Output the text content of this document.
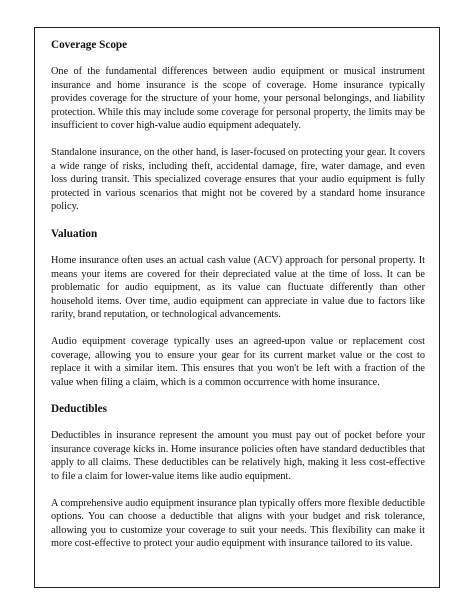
Coverage Scope

One of the fundamental differences between audio equipment or musical instrument insurance and home insurance is the scope of coverage. Home insurance typically provides coverage for the structure of your home, your personal belongings, and liability protection. While this may include some coverage for personal property, the limits may be insufficient to cover high-value audio equipment adequately.

Standalone insurance, on the other hand, is laser-focused on protecting your gear. It covers a wide range of risks, including theft, accidental damage, fire, water damage, and even loss during transit. This specialized coverage ensures that your audio equipment is fully protected in various scenarios that might not be covered by a standard home insurance policy.

Valuation

Home insurance often uses an actual cash value (ACV) approach for personal property. It means your items are covered for their depreciated value at the time of loss. It can be problematic for audio equipment, as its value can fluctuate differently than other household items. Over time, audio equipment can appreciate in value due to factors like rarity, brand reputation, or technological advancements.

Audio equipment coverage typically uses an agreed-upon value or replacement cost coverage, allowing you to ensure your gear for its current market value or the cost to replace it with a similar item. This ensures that you won't be left with a fraction of the value when filing a claim, which is a common occurrence with home insurance.

Deductibles

Deductibles in insurance represent the amount you must pay out of pocket before your insurance coverage kicks in. Home insurance policies often have standard deductibles that apply to all claims. These deductibles can be relatively high, making it less cost-effective to file a claim for lower-value items like audio equipment.

A comprehensive audio equipment insurance plan typically offers more flexible deductible options. You can choose a deductible that aligns with your budget and risk tolerance, allowing you to customize your coverage to suit your needs. This flexibility can make it more cost-effective to protect your audio equipment with insurance tailored to its value.
